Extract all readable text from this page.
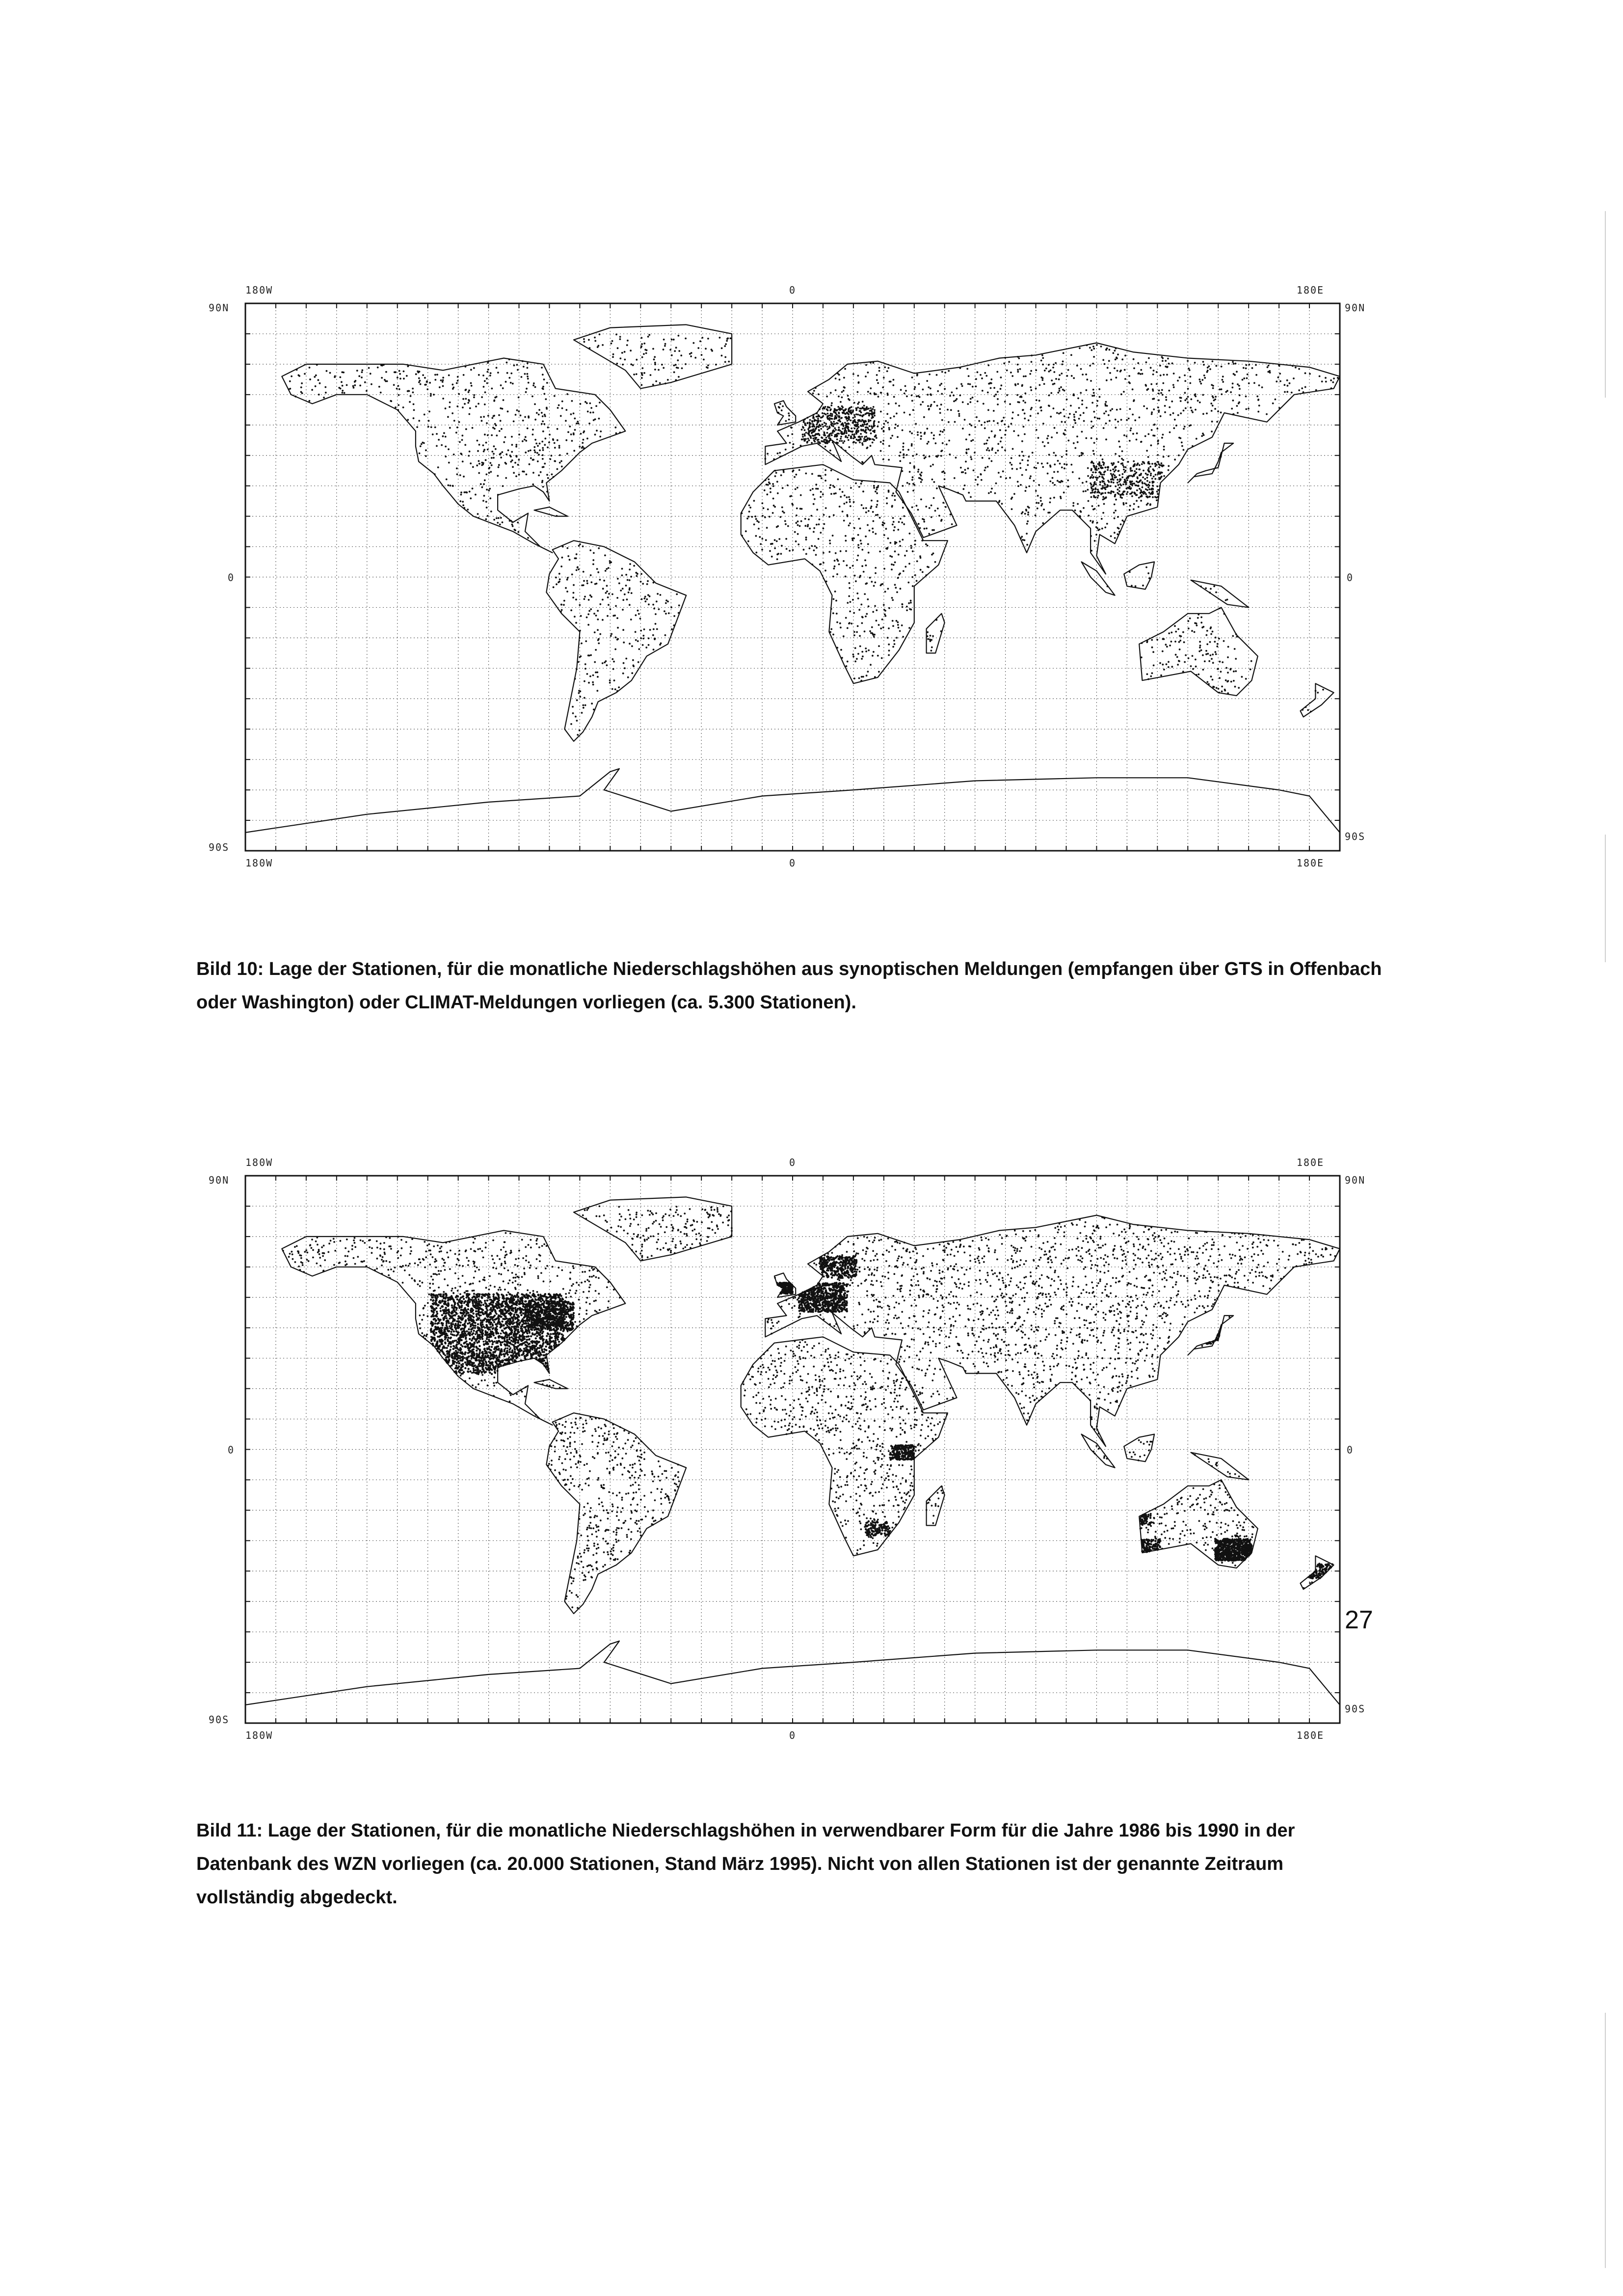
180W	0	180E
180W	0	180E
90N
0
90S
90N
0
90S
180W	0	180E
180W	0	180E
90N
0
90S
90N
0
90S
Bild 10: Lage der Stationen, für die monatliche Niederschlagshöhen aus synoptischen Meldungen (empfangen über GTS in Offenbach oder Washington) oder CLIMAT-Meldungen vorliegen (ca. 5.300 Stationen).
Bild 11: Lage der Stationen, für die monatliche Niederschlagshöhen in verwendbarer Form für die Jahre 1986 bis 1990 in der Datenbank des WZN vorliegen (ca. 20.000 Stationen, Stand März 1995). Nicht von allen Stationen ist der genannte Zeitraum vollständig abgedeckt.
27
